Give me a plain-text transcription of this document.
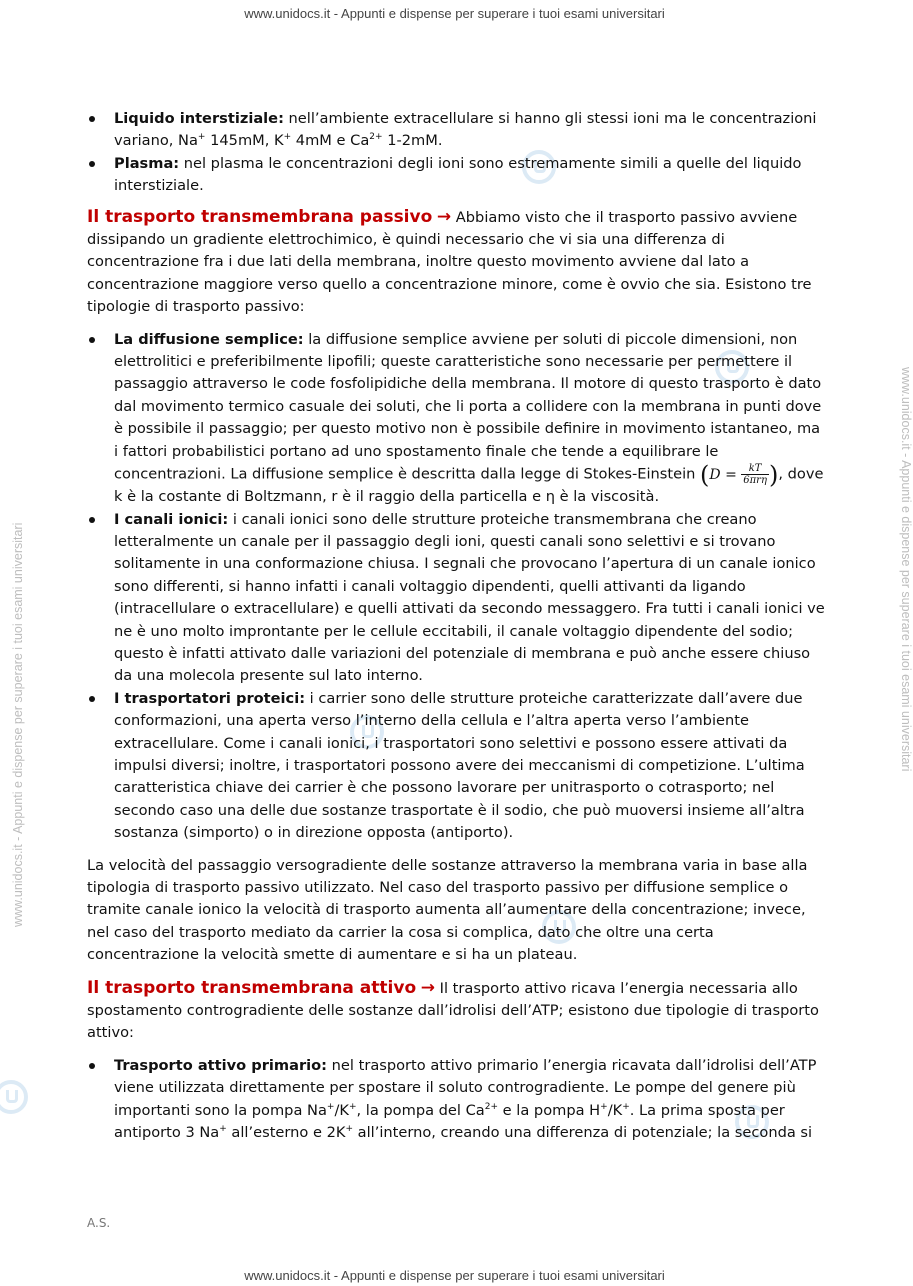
www.unidocs.it - Appunti e dispense per superare i tuoi esami universitari
www.unidocs.it - Appunti e dispense per superare i tuoi esami universitari	www.unidocs.it - Appunti e dispense per superare i tuoi esami universitari
Liquido interstiziale: nell’ambiente extracellulare si hanno gli stessi ioni ma le concentrazioni variano, Na+ 145mM, K+ 4mM e $Ca^{2+}$ 1-2mM.
Plasma: nel plasma le concentrazioni degli ioni sono estremamente simili a quelle del liquido interstiziale.

Il trasporto transmembrana passivo → Abbiamo visto che il trasporto passivo avviene dissipando un gradiente elettrochimico, è quindi necessario che vi sia una differenza di concentrazione fra i due lati della membrana, inoltre questo movimento avviene dal lato a concentrazione maggiore verso quello a concentrazione minore, come è ovvio che sia. Esistono tre tipologie di trasporto passivo:

La diffusione semplice: la diffusione semplice avviene per soluti di piccole dimensioni, non elettrolitici e preferibilmente lipofili; queste caratteristiche sono necessarie per permettere il passaggio attraverso le code fosfolipidiche della membrana. Il motore di questo trasporto è dato dal movimento termico casuale dei soluti, che li porta a collidere con la membrana in punti dove è possibile il passaggio; per questo motivo non è possibile definire in movimento istantaneo, ma i fattori probabilistici portano ad uno spostamento finale che tende a equilibrare le concentrazioni. La diffusione semplice è descritta dalla legge di Stokes-Einstein ($D = \frac{kT}{\text{6πrη}}$ ), dove k è la costante di Boltzmann, r è il raggio della particella e η è la viscosità.
I canali ionici: i canali ionici sono delle strutture proteiche transmembrana che creano letteralmente un canale per il passaggio degli ioni, questi canali sono selettivi e si trovano solitamente in una conformazione chiusa. I segnali che provocano l’apertura di un canale ionico sono differenti, si hanno infatti i canali voltaggio dipendenti, quelli attivanti da ligando (intracellulare o extracellulare) e quelli attivati da secondo messaggero. Fra tutti i canali ionici ve ne è uno molto improntante per le cellule eccitabili, il canale voltaggio dipendente del sodio; questo è infatti attivato dalle variazioni del potenziale di membrana e può anche essere chiuso da una molecola presente sul lato interno.
I trasportatori proteici: i carrier sono delle strutture proteiche caratterizzate dall’avere due conformazioni, una aperta verso l’interno della cellula e l’altra aperta verso l’ambiente extracellulare. Come i canali ionici, i trasportatori sono selettivi e possono essere attivati da impulsi diversi; inoltre, i trasportatori possono avere dei meccanismi di competizione. L’ultima caratteristica chiave dei carrier è che possono lavorare per unitrasporto o cotrasporto; nel secondo caso una delle due sostanze trasportate è il sodio, che può muoversi insieme all’altra sostanza (simporto) o in direzione opposta (antiporto).

La velocità del passaggio versogradiente delle sostanze attraverso la membrana varia in base alla tipologia di trasporto passivo utilizzato. Nel caso del trasporto passivo per diffusione semplice o tramite canale ionico la velocità di trasporto aumenta all’aumentare della concentrazione; invece, nel caso del trasporto mediato da carrier la cosa si complica, dato che oltre una certa concentrazione la velocità smette di aumentare e si ha un plateau.

Il trasporto transmembrana attivo → Il trasporto attivo ricava l’energia necessaria allo spostamento controgradiente delle sostanze dall’idrolisi dell’ATP; esistono due tipologie di trasporto attivo:

Trasporto attivo primario: nel trasporto attivo primario l’energia ricavata dall’idrolisi dell’ATP viene utilizzata direttamente per spostare il soluto controgradiente. Le pompe del genere più importanti sono la pompa Na+/K+, la pompa del $Ca^{2+}$ e la pompa H+/K+. La prima sposta per antiporto 3 Na+ all’esterno e 2K+ all’interno, creando una differenza di potenziale; la seconda si
A.S.
www.unidocs.it - Appunti e dispense per superare i tuoi esami universitari
